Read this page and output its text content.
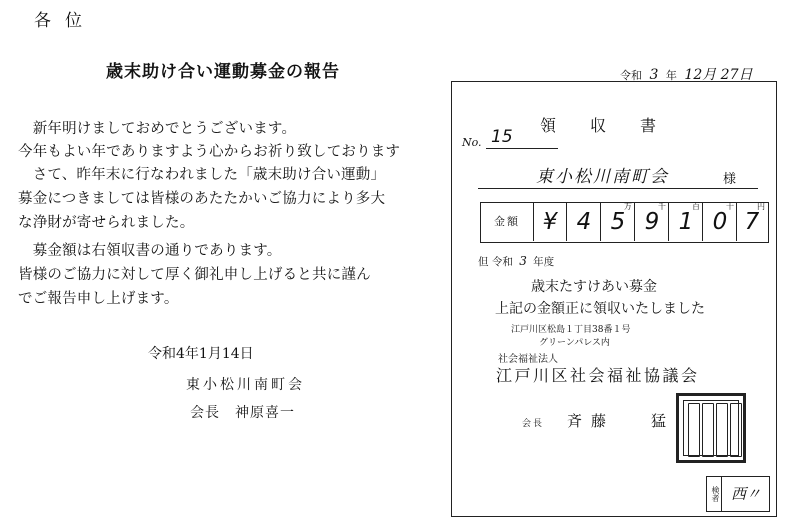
各位
歳末助け合い運動募金の報告
　新年明けましておめでとうございます。
今年もよい年でありますよう心からお祈り致しております
　さて、昨年末に行なわれました「歳末助け合い運動」
募金につきましては皆様のあたたかいご協力により多大
な浄財が寄せられました。
　募金額は右領収書の通りであります。
皆様のご協力に対して厚く御礼申し上げると共に謹ん
でご報告申し上げます。
令和4年1月14日
東小松川南町会
会長　神原喜一
令和 3 年 12月 27日
領収書
No. 15
東小松川南町会	様
金額 ¥ 4 5
万
9
千
1
百
0
十
7
円
但 令和 3 年度
歳末たすけあい募金
上記の金額正に領収いたしました
江戸川区松島１丁目38番１号
グリーンパレス内
社会福祉法人
江戸川区社会福祉協議会
会長 斉藤 猛
検者 西〃
